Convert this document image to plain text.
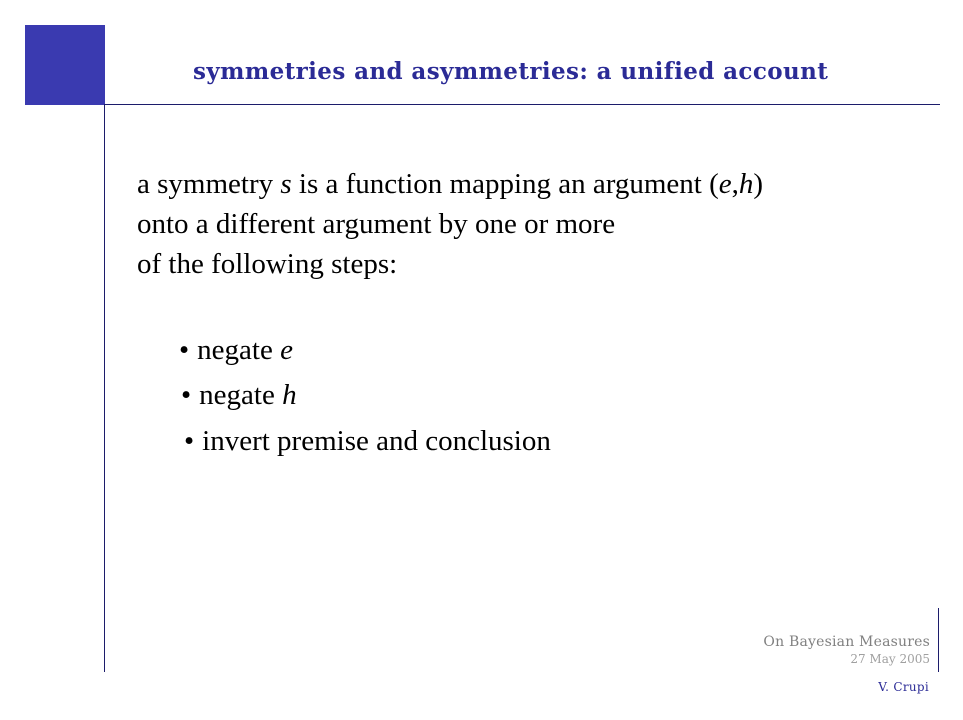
symmetries and asymmetries: a unified account
a symmetry s is a function mapping an argument (e,h)
onto a different argument by one or more
of the following steps:
• negate e
• negate h
• invert premise and conclusion
On Bayesian Measures
27 May 2005
V. Crupi
